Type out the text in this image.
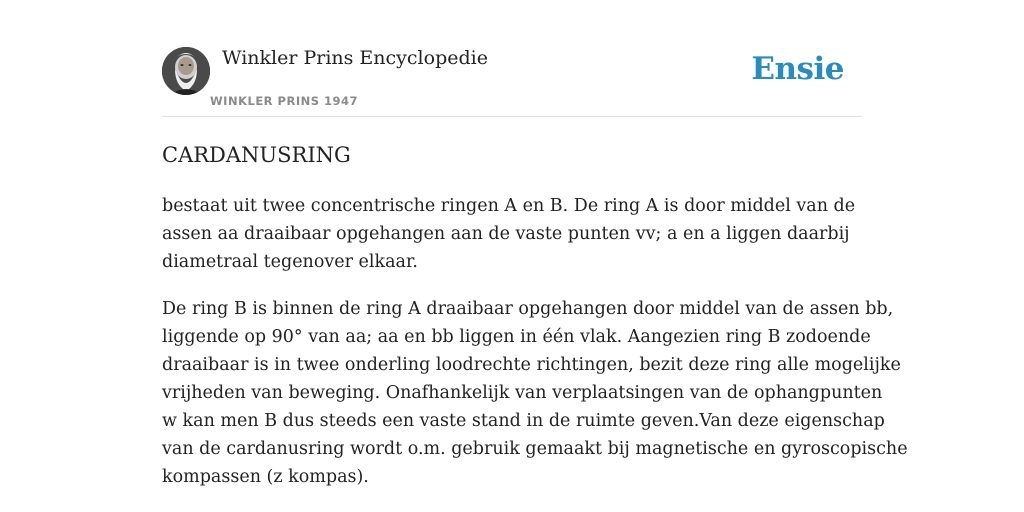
Winkler Prins Encyclopedie
WINKLER PRINS 1947
Ensie
CARDANUSRING

bestaat uit twee concentrische ringen A en B. De ring A is door middel van de
assen aa draaibaar opgehangen aan de vaste punten vv; a en a liggen daarbij
diametraal tegenover elkaar.

De ring B is binnen de ring A draaibaar opgehangen door middel van de assen bb,
liggende op 90° van aa; aa en bb liggen in één vlak. Aangezien ring B zodoende
draaibaar is in twee onderling loodrechte richtingen, bezit deze ring alle mogelijke
vrijheden van beweging. Onafhankelijk van verplaatsingen van de ophangpunten
w kan men B dus steeds een vaste stand in de ruimte geven.Van deze eigenschap
van de cardanusring wordt o.m. gebruik gemaakt bij magnetische en gyroscopische
kompassen (z kompas).
